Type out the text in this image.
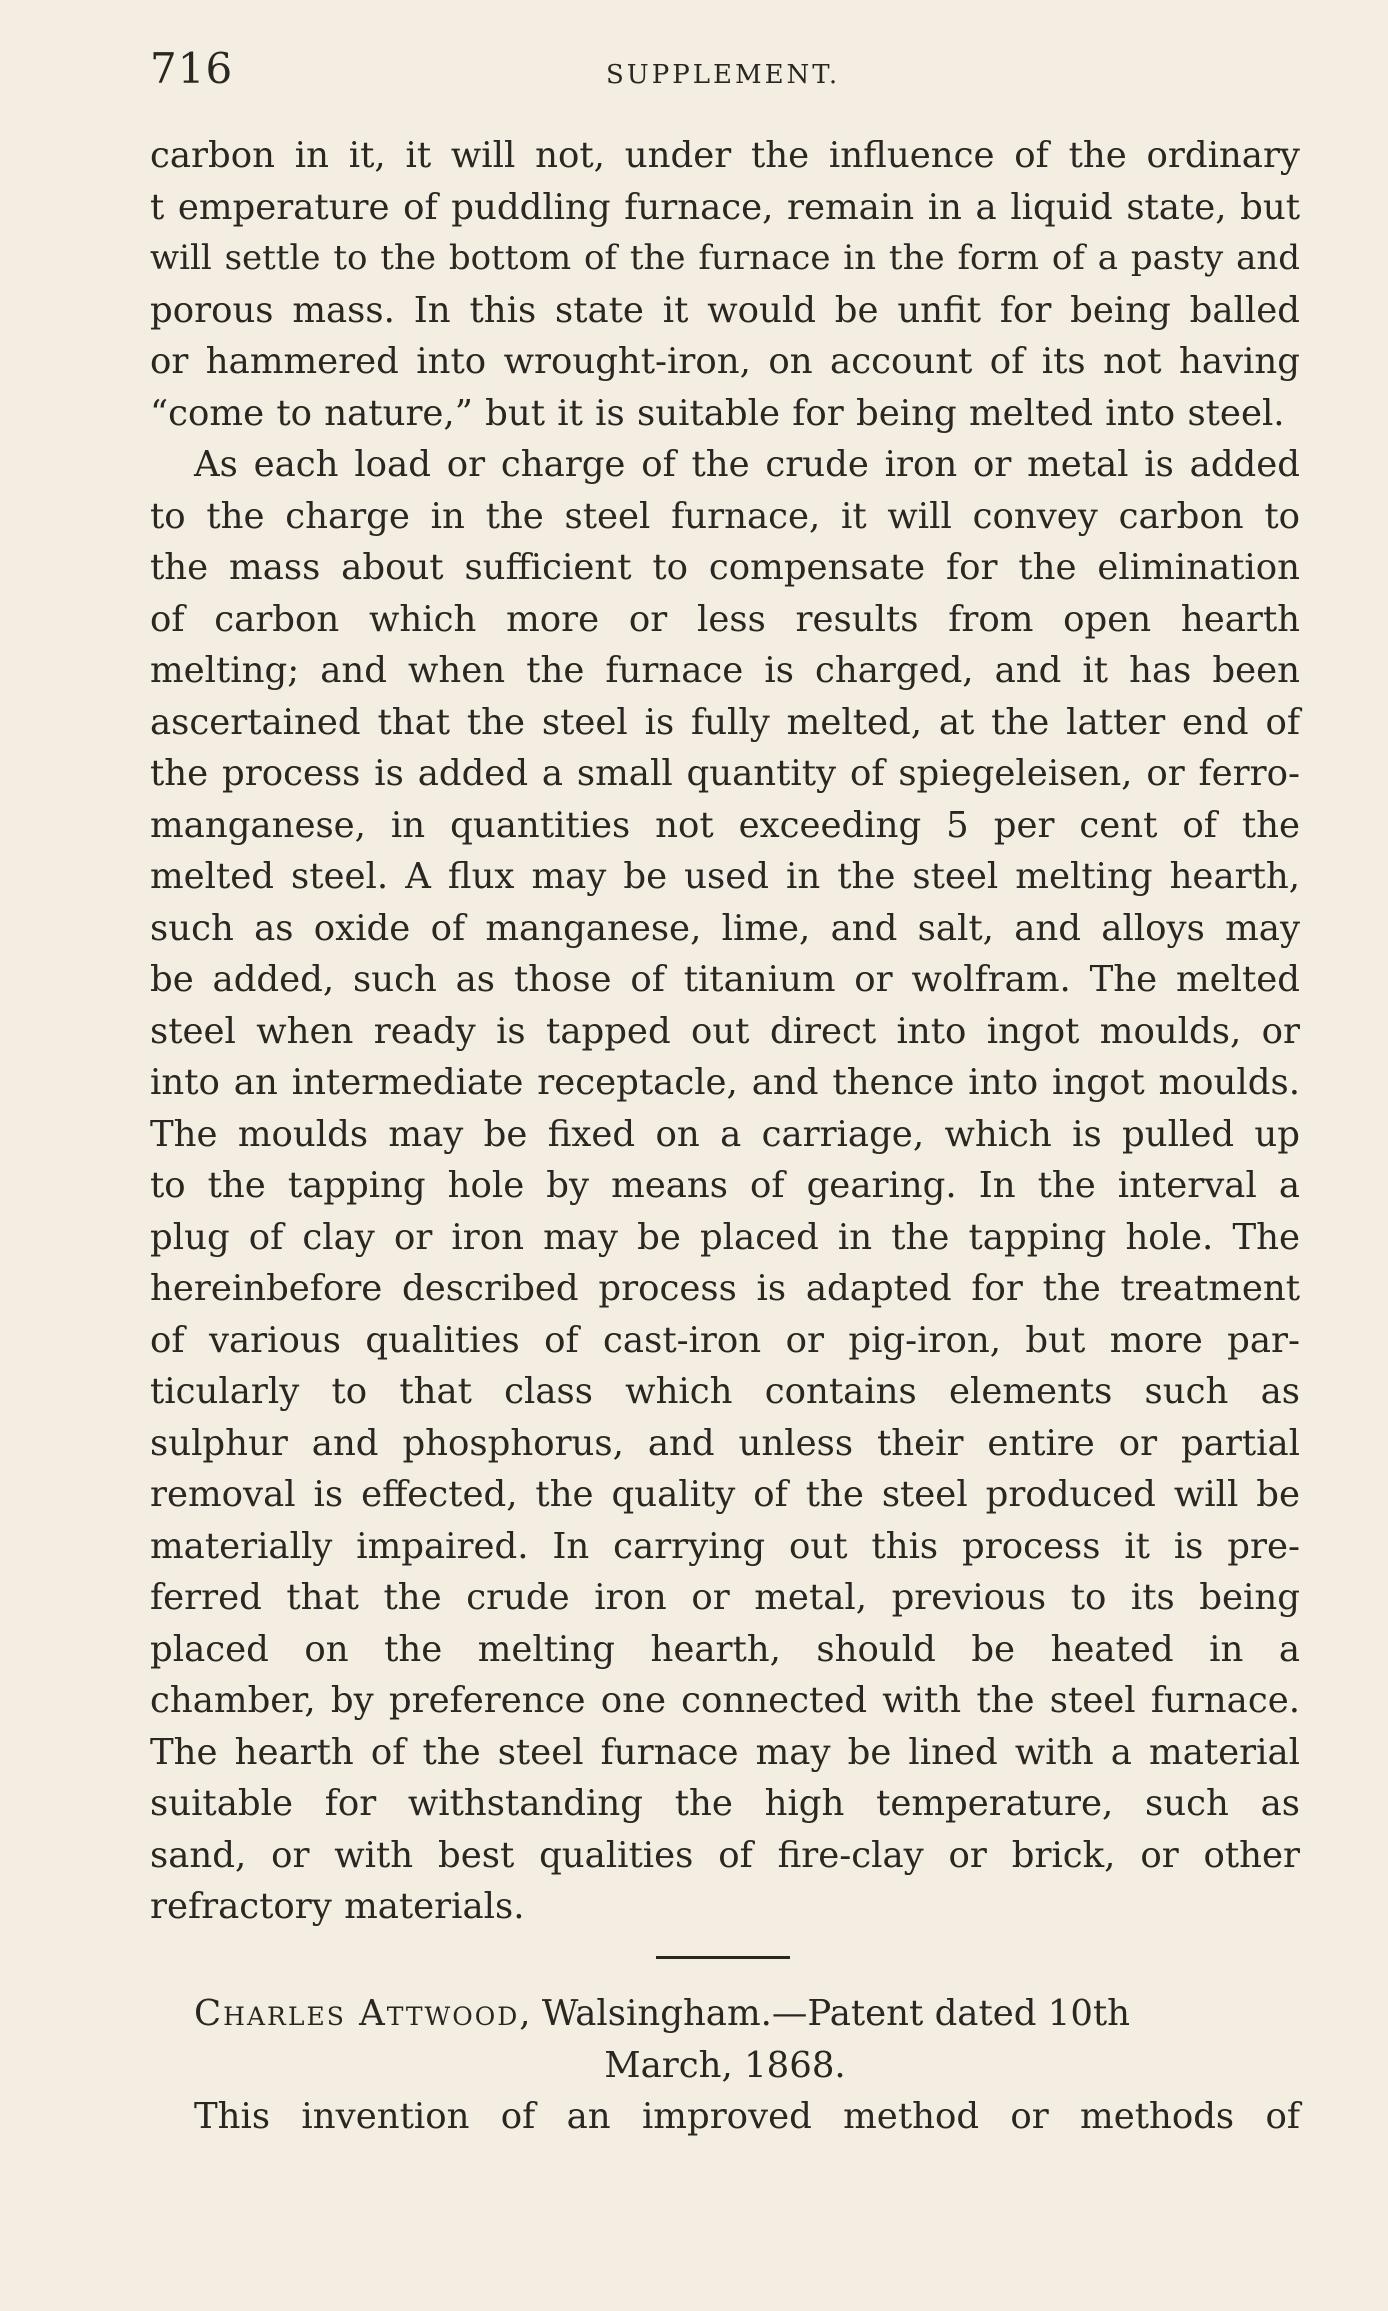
716	SUPPLEMENT.
carbon in it, it will not, under the influence of the ordinary
t emperature of puddling furnace, remain in a liquid state, but
will settle to the bottom of the furnace in the form of a pasty and
porous mass. In this state it would be unfit for being balled
or hammered into wrought-iron, on account of its not having
“come to nature,” but it is suitable for being melted into steel.
As each load or charge of the crude iron or metal is added
to the charge in the steel furnace, it will convey carbon to
the mass about sufficient to compensate for the elimination
of carbon which more or less results from open hearth
melting; and when the furnace is charged, and it has been
ascertained that the steel is fully melted, at the latter end of
the process is added a small quantity of spiegeleisen, or ferro-
manganese, in quantities not exceeding 5 per cent of the
melted steel. A flux may be used in the steel melting hearth,
such as oxide of manganese, lime, and salt, and alloys may
be added, such as those of titanium or wolfram. The melted
steel when ready is tapped out direct into ingot moulds, or
into an intermediate receptacle, and thence into ingot moulds.
The moulds may be fixed on a carriage, which is pulled up
to the tapping hole by means of gearing. In the interval a
plug of clay or iron may be placed in the tapping hole. The
hereinbefore described process is adapted for the treatment
of various qualities of cast-iron or pig-iron, but more par-
ticularly to that class which contains elements such as
sulphur and phosphorus, and unless their entire or partial
removal is effected, the quality of the steel produced will be
materially impaired. In carrying out this process it is pre-
ferred that the crude iron or metal, previous to its being
placed on the melting hearth, should be heated in a
chamber, by preference one connected with the steel furnace.
The hearth of the steel furnace may be lined with a material
suitable for withstanding the high temperature, such as
sand, or with best qualities of fire-clay or brick, or other
refractory materials.
Charles Attwood, Walsingham.—Patent dated 10th
March, 1868.
This invention of an improved method or methods of
